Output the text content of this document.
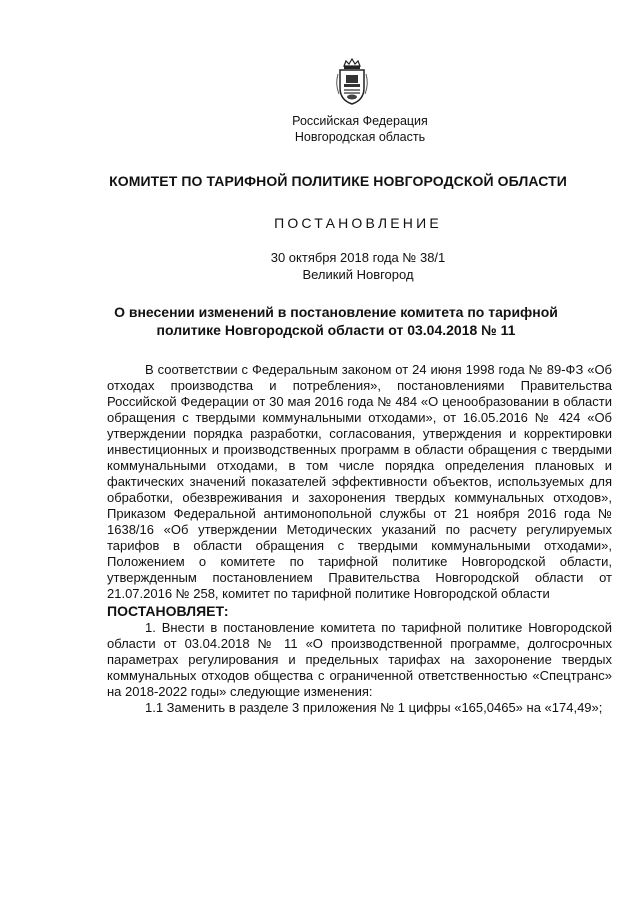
Российская Федерация
Новгородская область
КОМИТЕТ ПО ТАРИФНОЙ ПОЛИТИКЕ НОВГОРОДСКОЙ ОБЛАСТИ
ПОСТАНОВЛЕНИЕ
30 октября 2018 года № 38/1
Великий Новгород
О внесении изменений в постановление комитета по тарифной
политике Новгородской области от 03.04.2018 № 11

В соответствии с Федеральным законом от 24 июня 1998 года № 89-ФЗ «Об отходах производства и потребления», постановлениями Правительства Российской Федерации от 30 мая 2016 года № 484 «О ценообразовании в области обращения с твердыми коммунальными отходами», от 16.05.2016 № 424 «Об утверждении порядка разработки, согласования, утверждения и корректировки инвестиционных и производственных программ в области обращения с твердыми коммунальными отходами, в том числе порядка определения плановых и фактических значений показателей эффективности объектов, используемых для обработки, обезвреживания и захоронения твердых коммунальных отходов», Приказом Федеральной антимонопольной службы от 21 ноября 2016 года № 1638/16 «Об утверждении Методических указаний по расчету регулируемых тарифов в области обращения с твердыми коммунальными отходами», Положением о комитете по тарифной политике Новгородской области, утвержденным постановлением Правительства Новгородской области от 21.07.2016 № 258, комитет по тарифной политике Новгородской области

ПОСТАНОВЛЯЕТ:

1. Внести в постановление комитета по тарифной политике Новгородской области от 03.04.2018 № 11 «О производственной программе, долгосрочных параметрах регулирования и предельных тарифах на захоронение твердых коммунальных отходов общества с ограниченной ответственностью «Спецтранс» на 2018-2022 годы» следующие изменения:

1.1 Заменить в разделе 3 приложения № 1 цифры «165,0465» на «174,49»;
